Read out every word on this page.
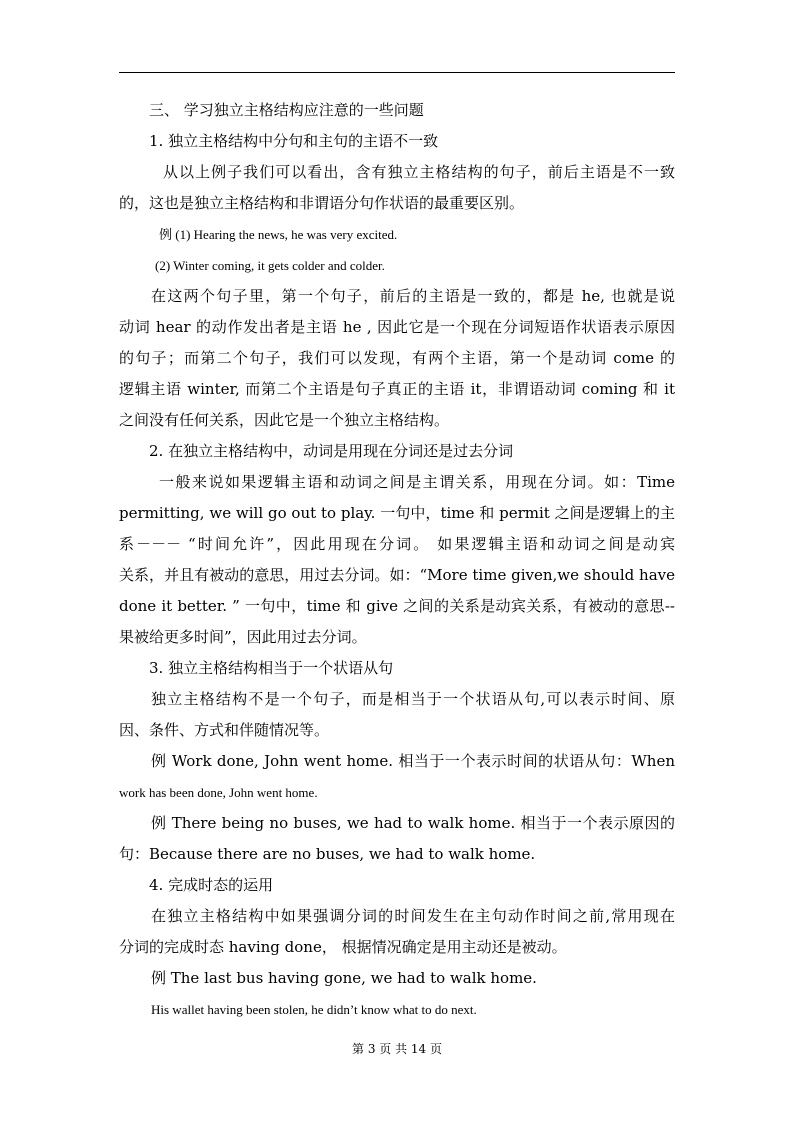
三、 学习独立主格结构应注意的一些问题
1. 独立主格结构中分句和主句的主语不一致
从以上例子我们可以看出，含有独立主格结构的句子，前后主语是不一致
的，这也是独立主格结构和非谓语分句作状语的最重要区别。
例 (1) Hearing the news, he was very excited.
(2) Winter coming, it gets colder and colder.
在这两个句子里，第一个句子，前后的主语是一致的，都是 he, 也就是说
动词 hear 的动作发出者是主语 he , 因此它是一个现在分词短语作状语表示原因
的句子；而第二个句子，我们可以发现，有两个主语，第一个是动词 come 的
逻辑主语 winter, 而第二个主语是句子真正的主语 it，非谓语动词 coming 和 it
之间没有任何关系，因此它是一个独立主格结构。
2. 在独立主格结构中，动词是用现在分词还是过去分词
一般来说如果逻辑主语和动词之间是主谓关系，用现在分词。如：Time
permitting, we will go out to play. 一句中，time 和 permit 之间是逻辑上的主
系－－－ “时间允许”，因此用现在分词。 如果逻辑主语和动词之间是动宾
关系，并且有被动的意思，用过去分词。如：“More time given,we should have
done it better. ” 一句中，time 和 give 之间的关系是动宾关系，有被动的意思--
果被给更多时间”，因此用过去分词。
3. 独立主格结构相当于一个状语从句
独立主格结构不是一个句子，而是相当于一个状语从句,可以表示时间、原
因、条件、方式和伴随情况等。
例 Work done, John went home. 相当于一个表示时间的状语从句：When
work has been done, John went home.
例 There being no buses, we had to walk home. 相当于一个表示原因的
句：Because there are no buses, we had to walk home.
4. 完成时态的运用
在独立主格结构中如果强调分词的时间发生在主句动作时间之前,常用现在
分词的完成时态 having done， 根据情况确定是用主动还是被动。
例 The last bus having gone, we had to walk home.
His wallet having been stolen, he didn’t know what to do next.
第 3 页 共 14 页
